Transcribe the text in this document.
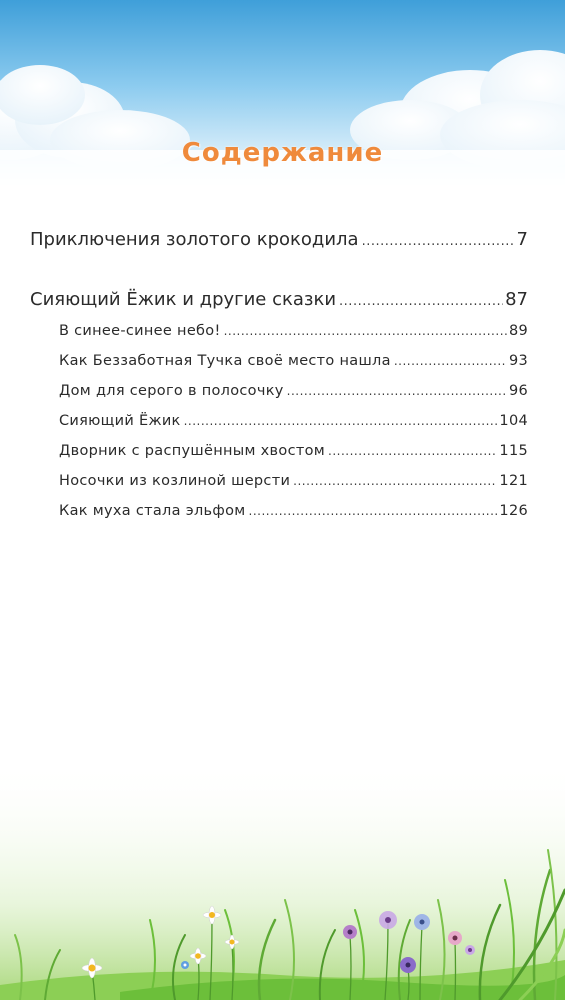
Содержание
Приключения золотого крокодила .....	7
Сияющий Ёжик и другие сказки .....	87
В синее-синее небо! .....	89
Как Беззаботная Тучка своё место нашла .....	93
Дом для серого в полосочку .....	96
Сияющий Ёжик .....	104
Дворник с распушённым хвостом .....	115
Носочки из козлиной шерсти .....	121
Как муха стала эльфом .....	126
